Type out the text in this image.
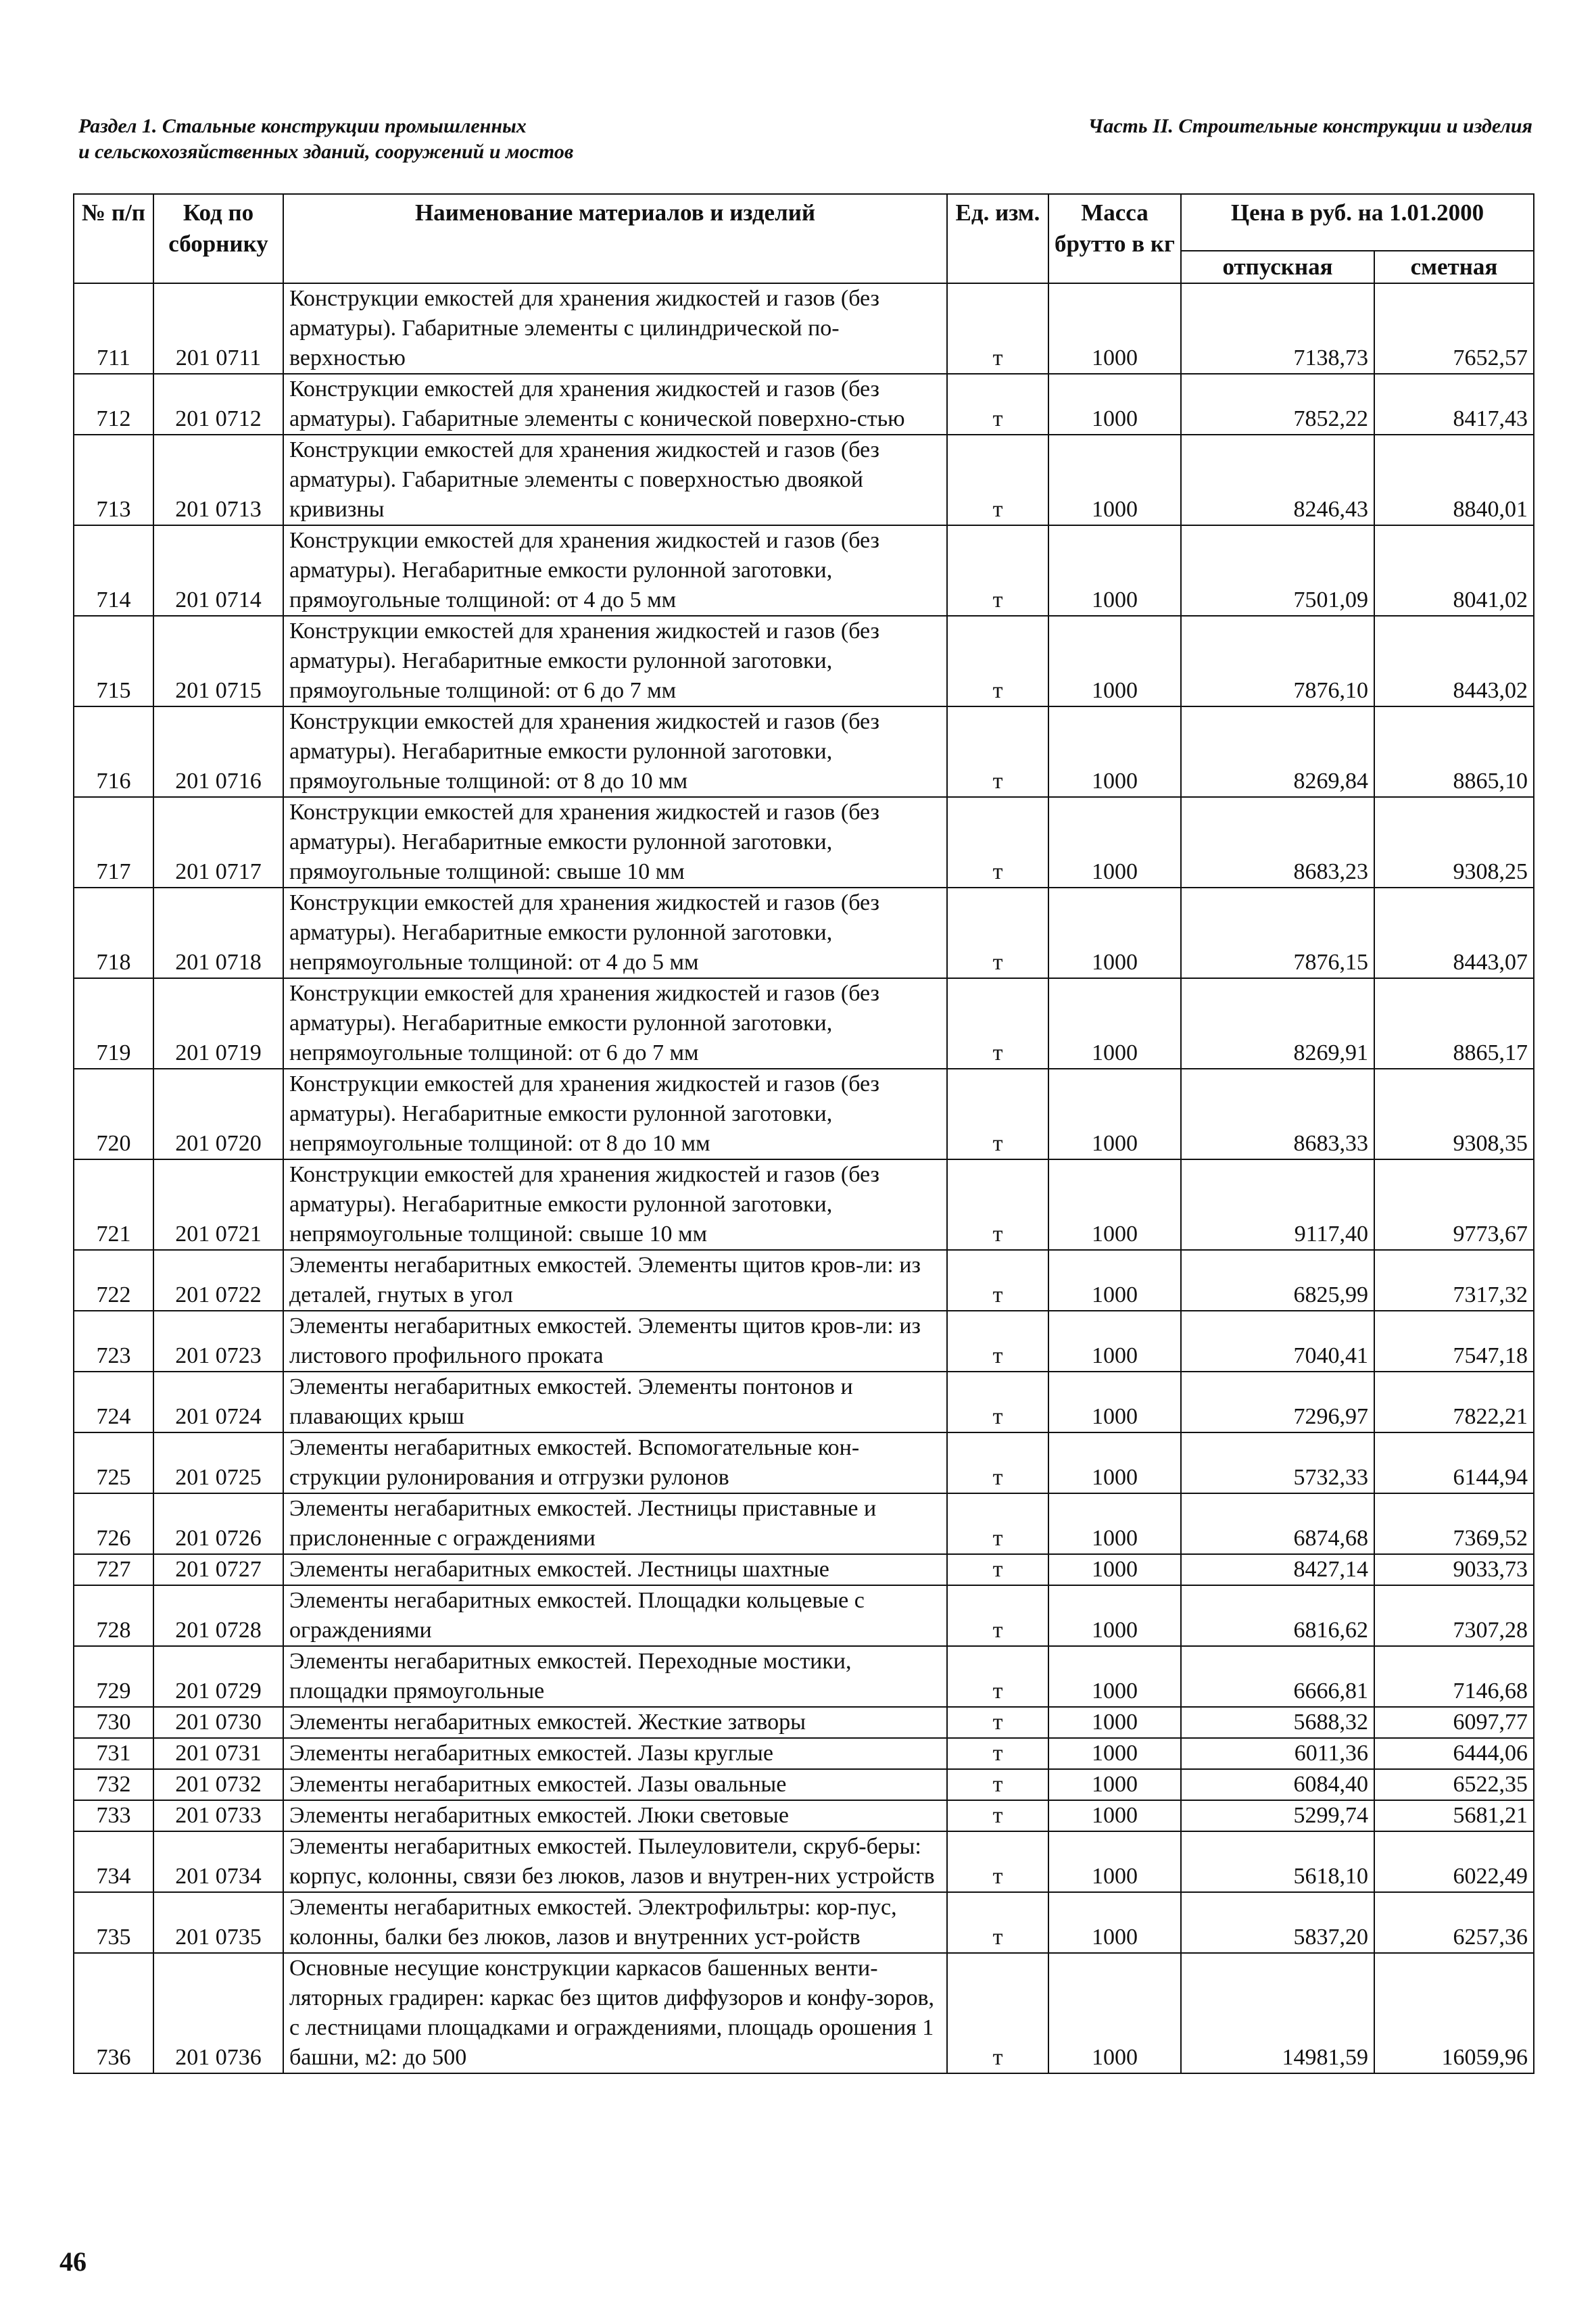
Раздел 1. Стальные конструкции промышленных
и сельскохозяйственных зданий, сооружений и мостов
Часть II. Строительные конструкции и изделия
№ п/п	Код по сборнику	Наименование материалов и изделий	Ед. изм.	Масса брутто в кг	Цена в руб. на 1.01.2000	
					отпускная	сметная
711	201 0711	Конструкции емкостей для хранения жидкостей и газов (без арматуры). Габаритные элементы с цилиндрической по-верхностью	т	1000	7138,73	7652,57
712	201 0712	Конструкции емкостей для хранения жидкостей и газов (без арматуры). Габаритные элементы с конической поверхно-стью	т	1000	7852,22	8417,43
713	201 0713	Конструкции емкостей для хранения жидкостей и газов (без арматуры). Габаритные элементы с поверхностью двоякой кривизны	т	1000	8246,43	8840,01
714	201 0714	Конструкции емкостей для хранения жидкостей и газов (без арматуры). Негабаритные емкости рулонной заготовки, прямоугольные толщиной: от 4 до 5 мм	т	1000	7501,09	8041,02
715	201 0715	Конструкции емкостей для хранения жидкостей и газов (без арматуры). Негабаритные емкости рулонной заготовки, прямоугольные толщиной: от 6 до 7 мм	т	1000	7876,10	8443,02
716	201 0716	Конструкции емкостей для хранения жидкостей и газов (без арматуры). Негабаритные емкости рулонной заготовки, прямоугольные толщиной: от 8 до 10 мм	т	1000	8269,84	8865,10
717	201 0717	Конструкции емкостей для хранения жидкостей и газов (без арматуры). Негабаритные емкости рулонной заготовки, прямоугольные толщиной: свыше 10 мм	т	1000	8683,23	9308,25
718	201 0718	Конструкции емкостей для хранения жидкостей и газов (без арматуры). Негабаритные емкости рулонной заготовки, непрямоугольные толщиной: от 4 до 5 мм	т	1000	7876,15	8443,07
719	201 0719	Конструкции емкостей для хранения жидкостей и газов (без арматуры). Негабаритные емкости рулонной заготовки, непрямоугольные толщиной: от 6 до 7 мм	т	1000	8269,91	8865,17
720	201 0720	Конструкции емкостей для хранения жидкостей и газов (без арматуры). Негабаритные емкости рулонной заготовки, непрямоугольные толщиной: от 8 до 10 мм	т	1000	8683,33	9308,35
721	201 0721	Конструкции емкостей для хранения жидкостей и газов (без арматуры). Негабаритные емкости рулонной заготовки, непрямоугольные толщиной: свыше 10 мм	т	1000	9117,40	9773,67
722	201 0722	Элементы негабаритных емкостей. Элементы щитов кров-ли: из деталей, гнутых в угол	т	1000	6825,99	7317,32
723	201 0723	Элементы негабаритных емкостей. Элементы щитов кров-ли: из листового профильного проката	т	1000	7040,41	7547,18
724	201 0724	Элементы негабаритных емкостей. Элементы понтонов и плавающих крыш	т	1000	7296,97	7822,21
725	201 0725	Элементы негабаритных емкостей. Вспомогательные кон-струкции рулонирования и отгрузки рулонов	т	1000	5732,33	6144,94
726	201 0726	Элементы негабаритных емкостей. Лестницы приставные и прислоненные с ограждениями	т	1000	6874,68	7369,52
727	201 0727	Элементы негабаритных емкостей. Лестницы шахтные	т	1000	8427,14	9033,73
728	201 0728	Элементы негабаритных емкостей. Площадки кольцевые с ограждениями	т	1000	6816,62	7307,28
729	201 0729	Элементы негабаритных емкостей. Переходные мостики, площадки прямоугольные	т	1000	6666,81	7146,68
730	201 0730	Элементы негабаритных емкостей. Жесткие затворы	т	1000	5688,32	6097,77
731	201 0731	Элементы негабаритных емкостей. Лазы круглые	т	1000	6011,36	6444,06
732	201 0732	Элементы негабаритных емкостей. Лазы овальные	т	1000	6084,40	6522,35
733	201 0733	Элементы негабаритных емкостей. Люки световые	т	1000	5299,74	5681,21
734	201 0734	Элементы негабаритных емкостей. Пылеуловители, скруб-беры: корпус, колонны, связи без люков, лазов и внутрен-них устройств	т	1000	5618,10	6022,49
735	201 0735	Элементы негабаритных емкостей. Электрофильтры: кор-пус, колонны, балки без люков, лазов и внутренних уст-ройств	т	1000	5837,20	6257,36
736	201 0736	Основные несущие конструкции каркасов башенных венти-ляторных градирен: каркас без щитов диффузоров и конфу-зоров, с лестницами площадками и ограждениями, площадь орошения 1 башни, м2: до 500	т	1000	14981,59	16059,96
46
